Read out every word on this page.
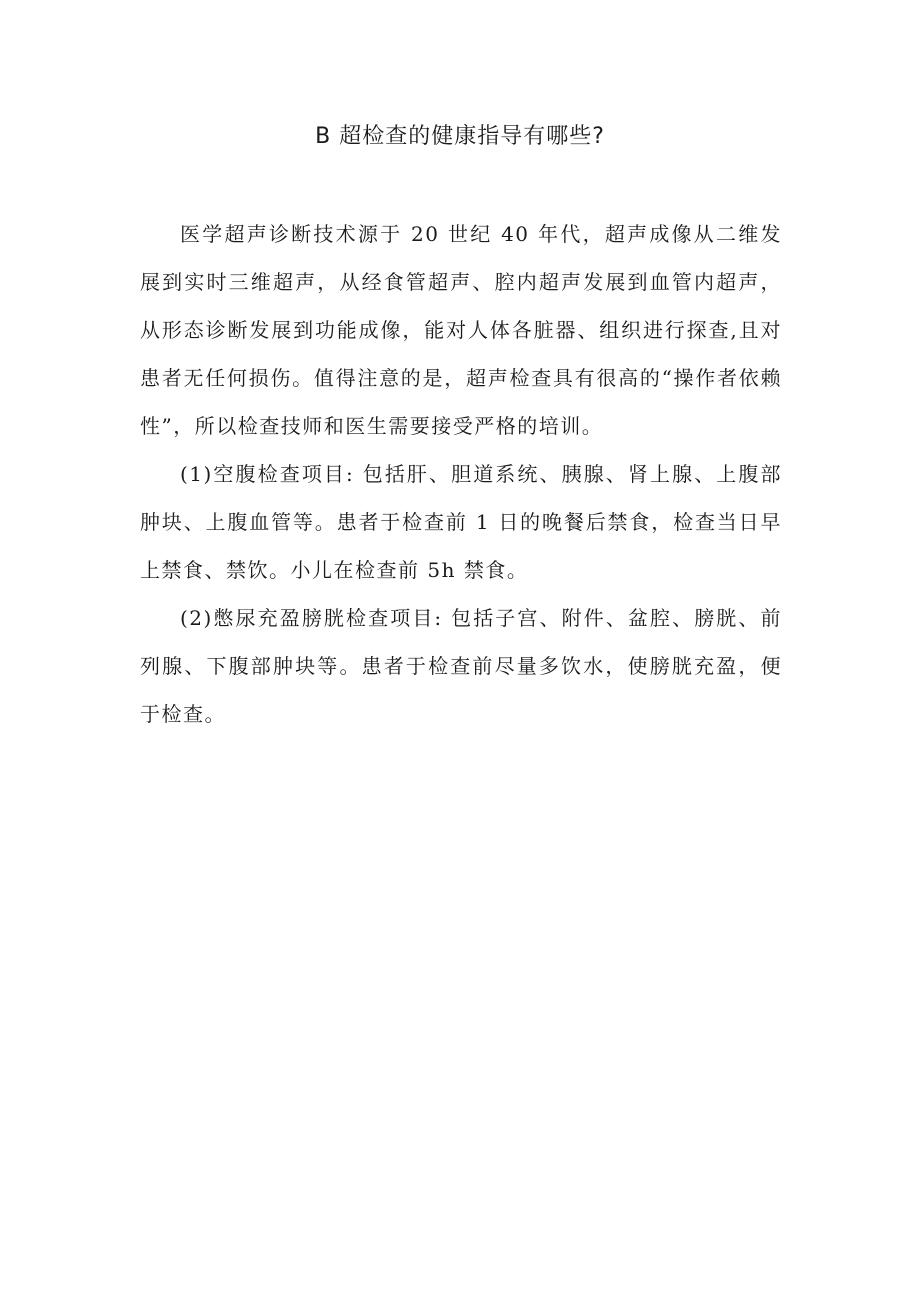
B 超检查的健康指导有哪些?

医学超声诊断技术源于 20 世纪 40 年代，超声成像从二维发展到实时三维超声，从经食管超声、腔内超声发展到血管内超声，从形态诊断发展到功能成像，能对人体各脏器、组织进行探查,且对患者无任何损伤。值得注意的是，超声检查具有很高的“操作者依赖性”，所以检查技师和医生需要接受严格的培训。

(1)空腹检查项目: 包括肝、胆道系统、胰腺、肾上腺、上腹部肿块、上腹血管等。患者于检查前 1 日的晚餐后禁食，检查当日早上禁食、禁饮。小儿在检查前 5h 禁食。

(2)憋尿充盈膀胱检查项目: 包括子宫、附件、盆腔、膀胱、前列腺、下腹部肿块等。患者于检查前尽量多饮水，使膀胱充盈，便于检查。
